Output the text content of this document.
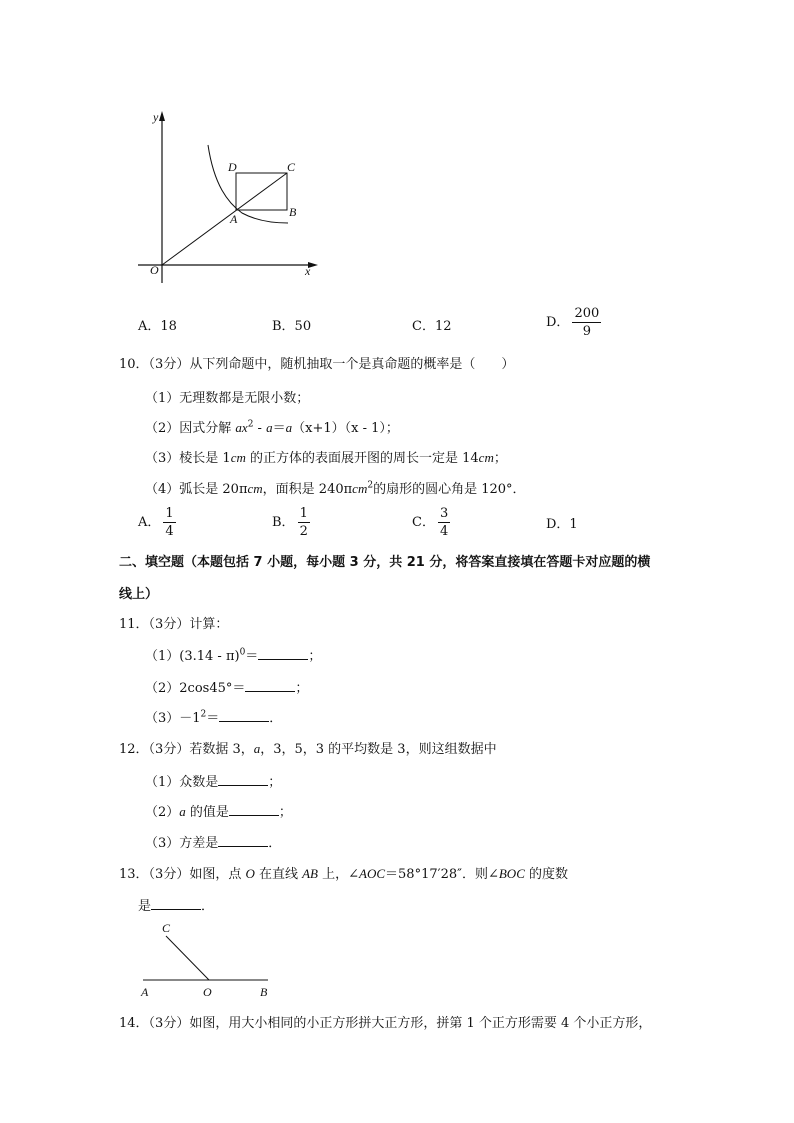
y
x
O
A	B
C
D
A．18	B．50	C．12	D． $\frac{200}{9}$
10．（3分）从下列命题中，随机抽取一个是真命题的概率是（　　）
（1）无理数都是无限小数；
（2）因式分解 $ax^2 - a=a(x+1)(x - 1)$；
（3）棱长是 1cm 的正方体的表面展开图的周长一定是 14cm；
（4）弧长是 20πcm，面积是 240πcm$^2$的扇形的圆心角是 120°．
A． $\frac{1}{4}$	B． $\frac{1}{2}$	C． $\frac{3}{4}$	D．1
二、填空题（本题包括 7 小题，每小题 3 分，共 21 分，将答案直接填在答题卡对应题的横
线上）
11．（3分）计算：
（1）(3.14 - π)$^0$＝	；
（2）2cos45°＝	；
$(3)-1^2=$	．
12．（3分）若数据 3，a，3，5，3 的平均数是 3，则这组数据中
（1）众数是	；
（2）a 的值是	；
（3）方差是	．
13．（3分）如图，点 O 在直线 AB 上，∠AOC＝58°17′28″．则∠BOC 的度数
是	．
C
A	O	B
14．（3分）如图，用大小相同的小正方形拼大正方形，拼第 1 个正方形需要 4 个小正方形，
